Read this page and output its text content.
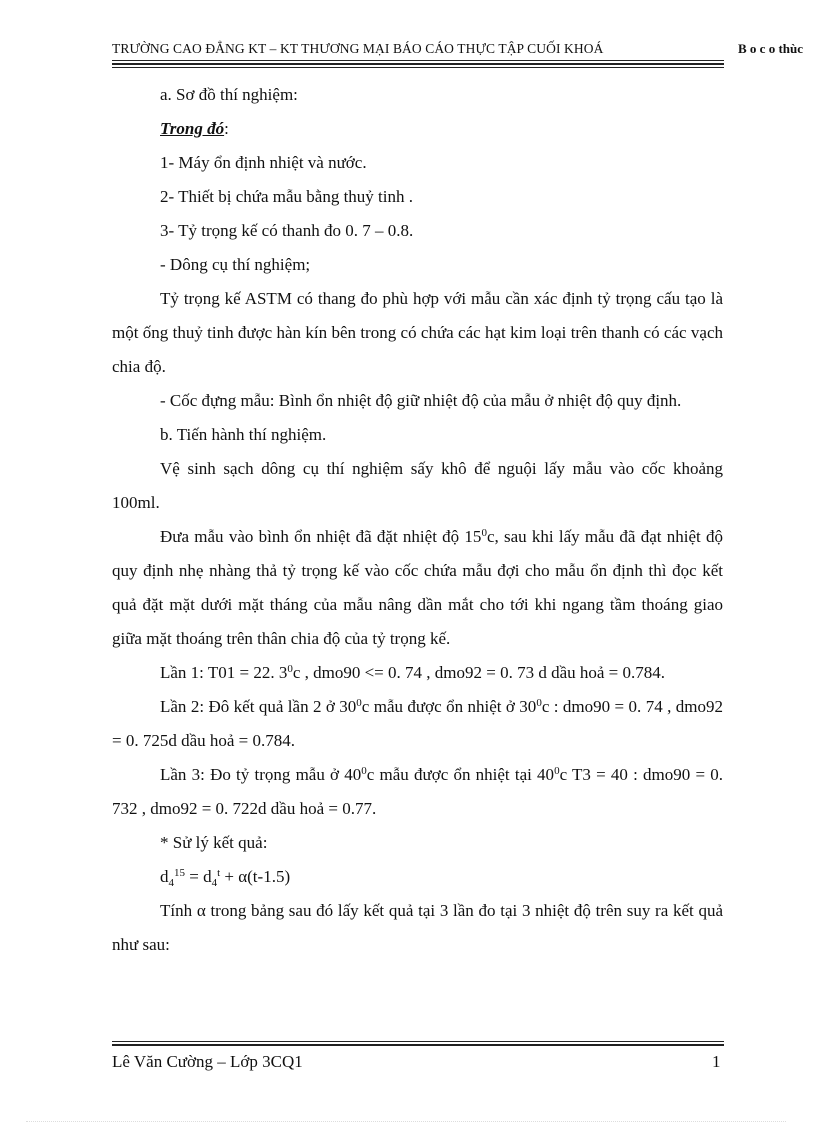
TRƯỜNG CAO ĐẲNG KT – KT THƯƠNG MẠI BÁO CÁO THỰC TẬP CUỐI KHOÁ	B o c o thùc

a. Sơ đồ thí nghiệm:

Trong đó:

1- Máy ổn định nhiệt và nước.

2- Thiết bị chứa mẫu bằng thuỷ tinh .

3- Tỷ trọng kế có thanh đo 0. 7 – 0.8.

- Dông cụ thí nghiệm;

Tỷ trọng kế ASTM có thang đo phù hợp với mẫu cần xác định tỷ trọng cấu tạo là một ống thuỷ tinh được hàn kín bên trong có chứa các hạt kim loại trên thanh có các vạch chia độ.

- Cốc đựng mẫu: Bình ổn nhiệt độ giữ nhiệt độ của mẫu ở nhiệt độ quy định.

b. Tiến hành thí nghiệm.

Vệ sinh sạch dông cụ thí nghiệm sấy khô để nguội lấy mẫu vào cốc khoảng 100ml.

Đưa mẫu vào bình ổn nhiệt đã đặt nhiệt độ $15^0c$, sau khi lấy mẫu đã đạt nhiệt độ quy định nhẹ nhàng thả tỷ trọng kế vào cốc chứa mẫu đợi cho mẫu ổn định thì đọc kết quả đặt mặt dưới mặt tháng của mẫu nâng dần mắt cho tới khi ngang tầm thoáng giao giữa mặt thoáng trên thân chia độ của tỷ trọng kế.

Lần 1: T01 = 22. $3^0c$ , dmo90 <= 0. 74 , dmo92 = 0. 73 d dầu hoả = 0.784.

Lần 2: Đô kết quả lần 2 ở $30^0c$ mẫu được ổn nhiệt ở $30^0c$ : dmo90 = 0. 74 , dmo92 = 0. 725d dầu hoả = 0.784.

Lần 3: Đo tỷ trọng mẫu ở $40^0c$ mẫu được ổn nhiệt tại $40^0c$ T3 = 40 : dmo90 = 0. 732 , dmo92 = 0. 722d dầu hoả = 0.77.

* Sử lý kết quả:

$d_4^{15} = d_4^t + \alpha(t-1.5)$

Tính α trong bảng sau đó lấy kết quả tại 3 lần đo tại 3 nhiệt độ trên suy ra kết quả như sau:

Lê Văn Cường – Lớp 3CQ1	1
